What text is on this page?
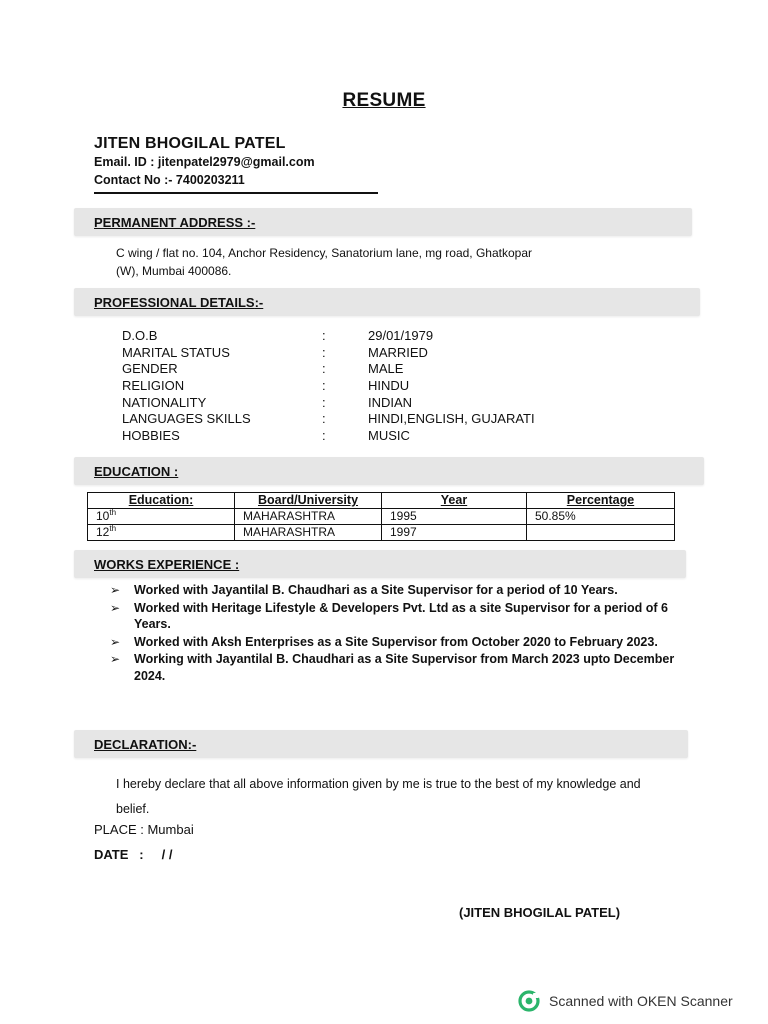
RESUME
JITEN BHOGILAL PATEL
Email. ID : jitenpatel2979@gmail.com
Contact No :- 7400203211
PERMANENT ADDRESS :-
C wing / flat no. 104, Anchor Residency, Sanatorium lane, mg road, Ghatkopar
(W), Mumbai 400086.
PROFESSIONAL DETAILS:-
D.O.B	:	29/01/1979
MARITAL STATUS	:	MARRIED
GENDER	:	MALE
RELIGION	:	HINDU
NATIONALITY	:	INDIAN
LANGUAGES SKILLS	:	HINDI,ENGLISH, GUJARATI
HOBBIES	:	MUSIC
EDUCATION :
Education:	Board/University	Year	Percentage
10th	MAHARASHTRA	1995	50.85%
12th	MAHARASHTRA	1997	
WORKS EXPERIENCE :
➢ Worked with Jayantilal B. Chaudhari as a Site Supervisor for a period of 10 Years.
➢ Worked with Heritage Lifestyle & Developers Pvt. Ltd as a site Supervisor for a period of 6 Years.
➢ Worked with Aksh Enterprises as a Site Supervisor from October 2020 to February 2023.
➢ Working with Jayantilal B. Chaudhari as a Site Supervisor from March 2023 upto December 2024.
DECLARATION:-
I hereby declare that all above information given by me is true to the best of my knowledge and belief.
PLACE : Mumbai
DATE   :     / /
(JITEN BHOGILAL PATEL)
Scanned with OKEN Scanner
